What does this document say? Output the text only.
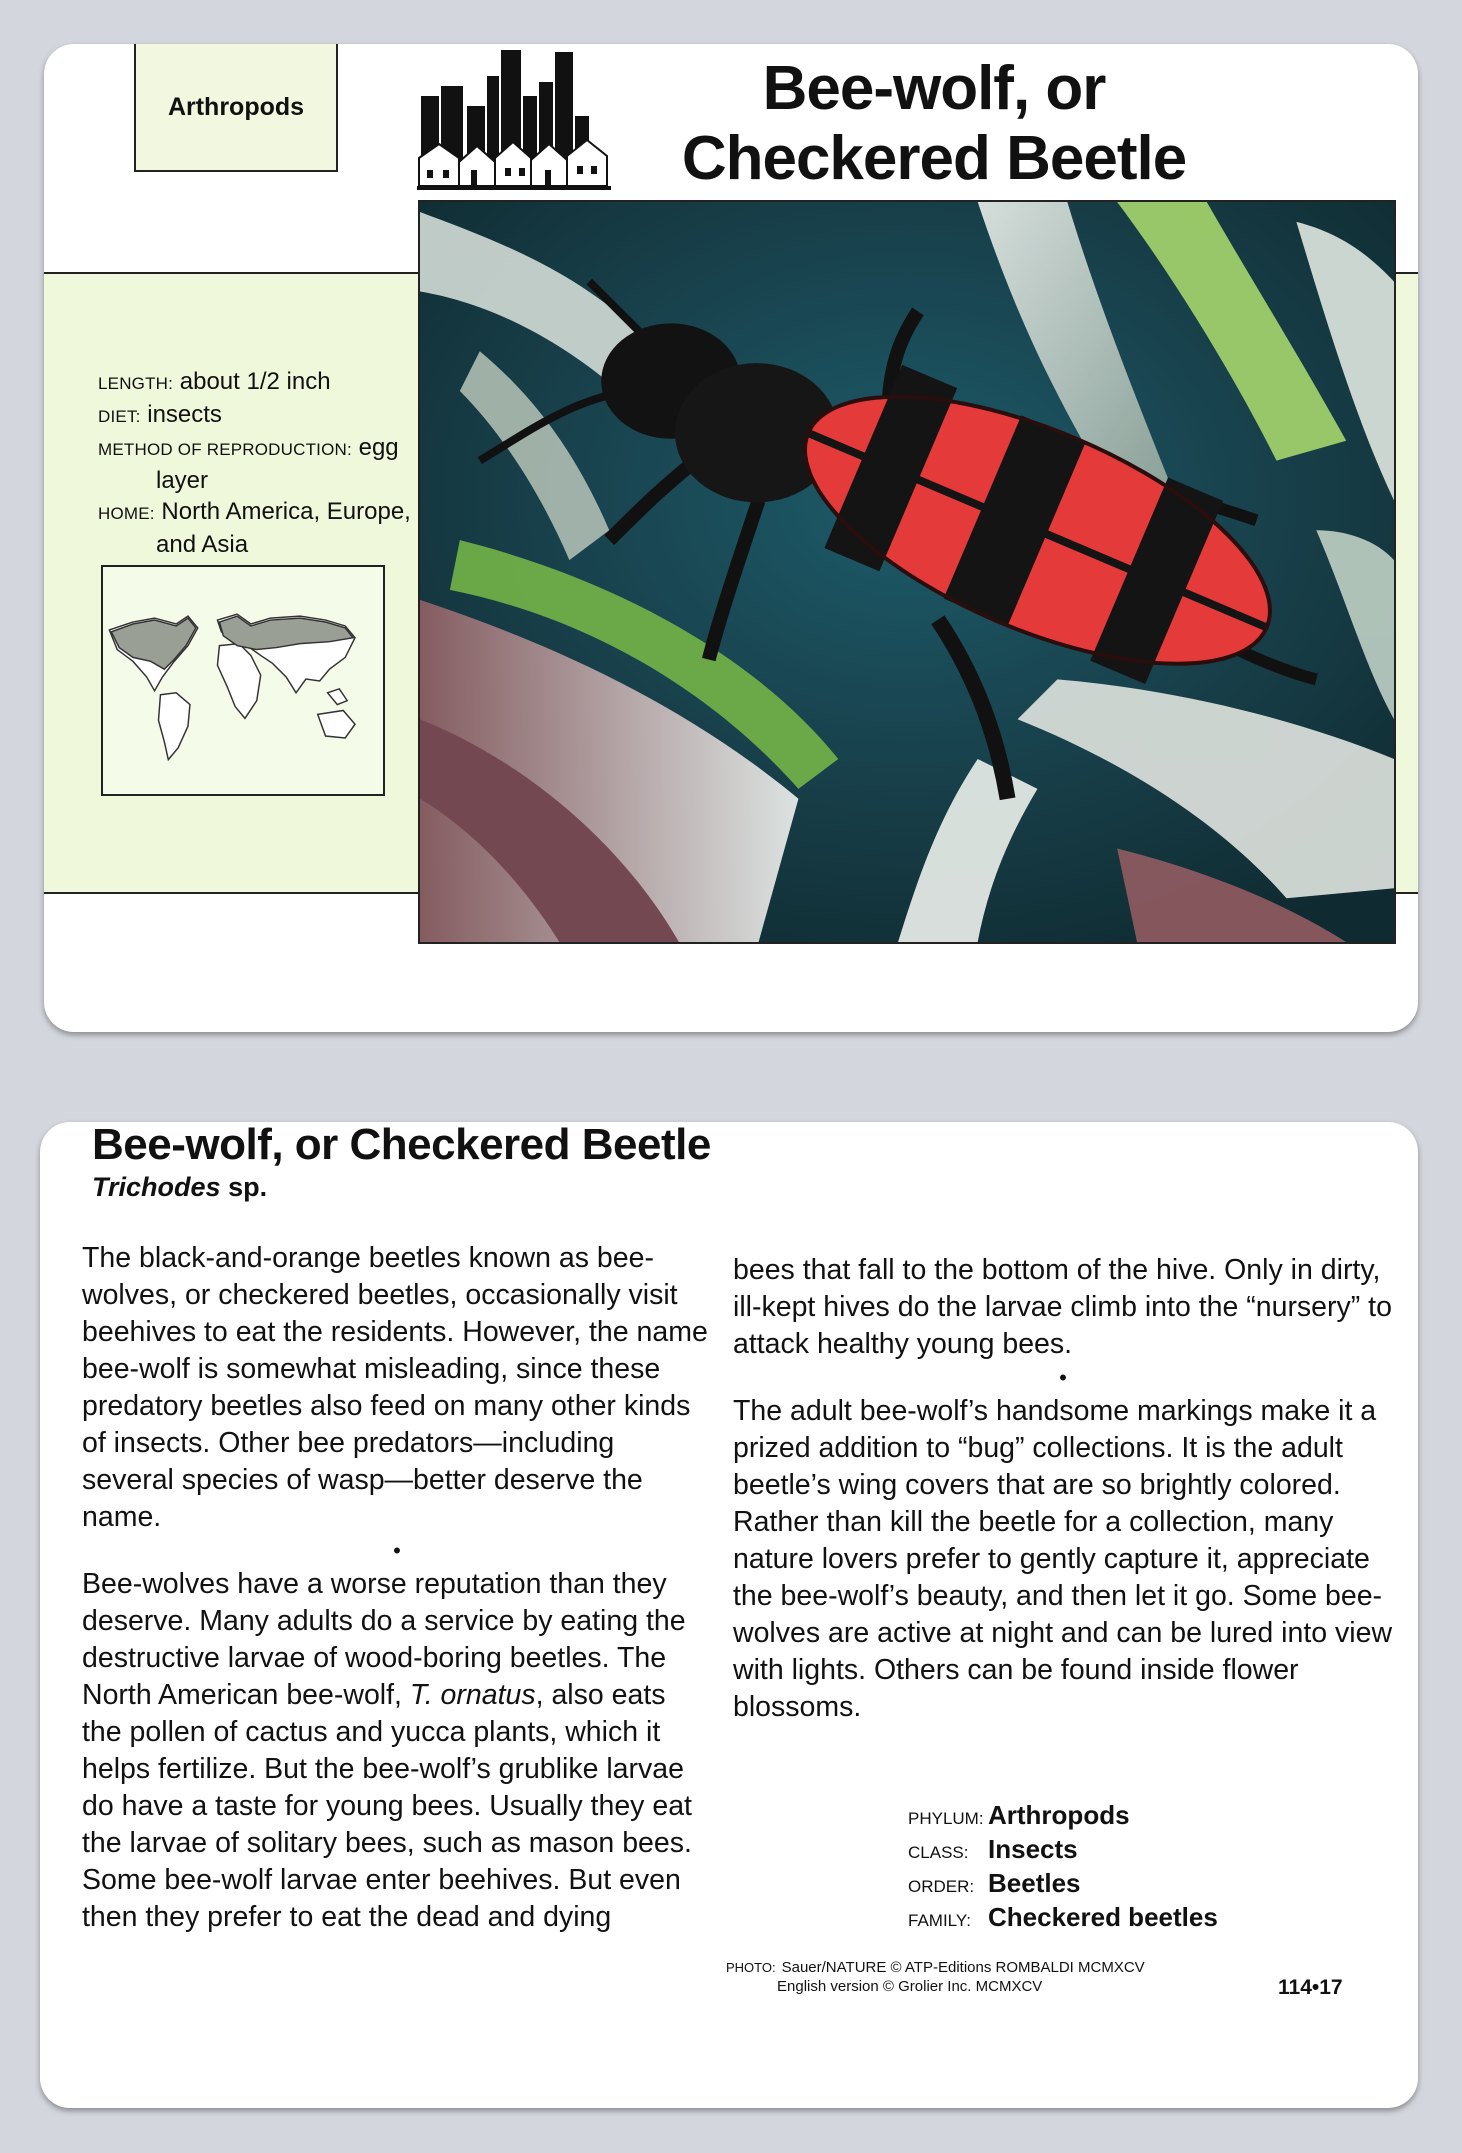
Arthropods	Bee-wolf, or
Checkered Beetle
LENGTH: about 1/2 inch
DIET: insects
METHOD OF REPRODUCTION: egg
layer
HOME: North America, Europe,
and Asia
Bee-wolf, or Checkered Beetle
Trichodes sp.

The black-and-orange beetles known as bee-wolves, or checkered beetles, occasionally visit beehives to eat the residents. However, the name bee-wolf is somewhat misleading, since these predatory beetles also feed on many other kinds of insects. Other bee predators—including several species of wasp—better deserve the name.

•

Bee-wolves have a worse reputation than they deserve. Many adults do a service by eating the destructive larvae of wood-boring beetles. The North American bee-wolf, T. ornatus, also eats the pollen of cactus and yucca plants, which it helps fertilize. But the bee-wolf’s grublike larvae do have a taste for young bees. Usually they eat the larvae of solitary bees, such as mason bees. Some bee-wolf larvae enter beehives. But even then they prefer to eat the dead and dying

bees that fall to the bottom of the hive. Only in dirty, ill-kept hives do the larvae climb into the “nursery” to attack healthy young bees.

•

The adult bee-wolf’s handsome markings make it a prized addition to “bug” collections. It is the adult beetle’s wing covers that are so brightly colored. Rather than kill the beetle for a collection, many nature lovers prefer to gently capture it, appreciate the bee-wolf’s beauty, and then let it go. Some bee-wolves are active at night and can be lured into view with lights. Others can be found inside flower blossoms.

PHYLUM: Arthropods
CLASS: Insects
ORDER: Beetles
FAMILY: Checkered beetles
PHOTO: Sauer/NATURE © ATP-Editions ROMBALDI MCMXCV
English version © Grolier Inc. MCMXCV	114•17
